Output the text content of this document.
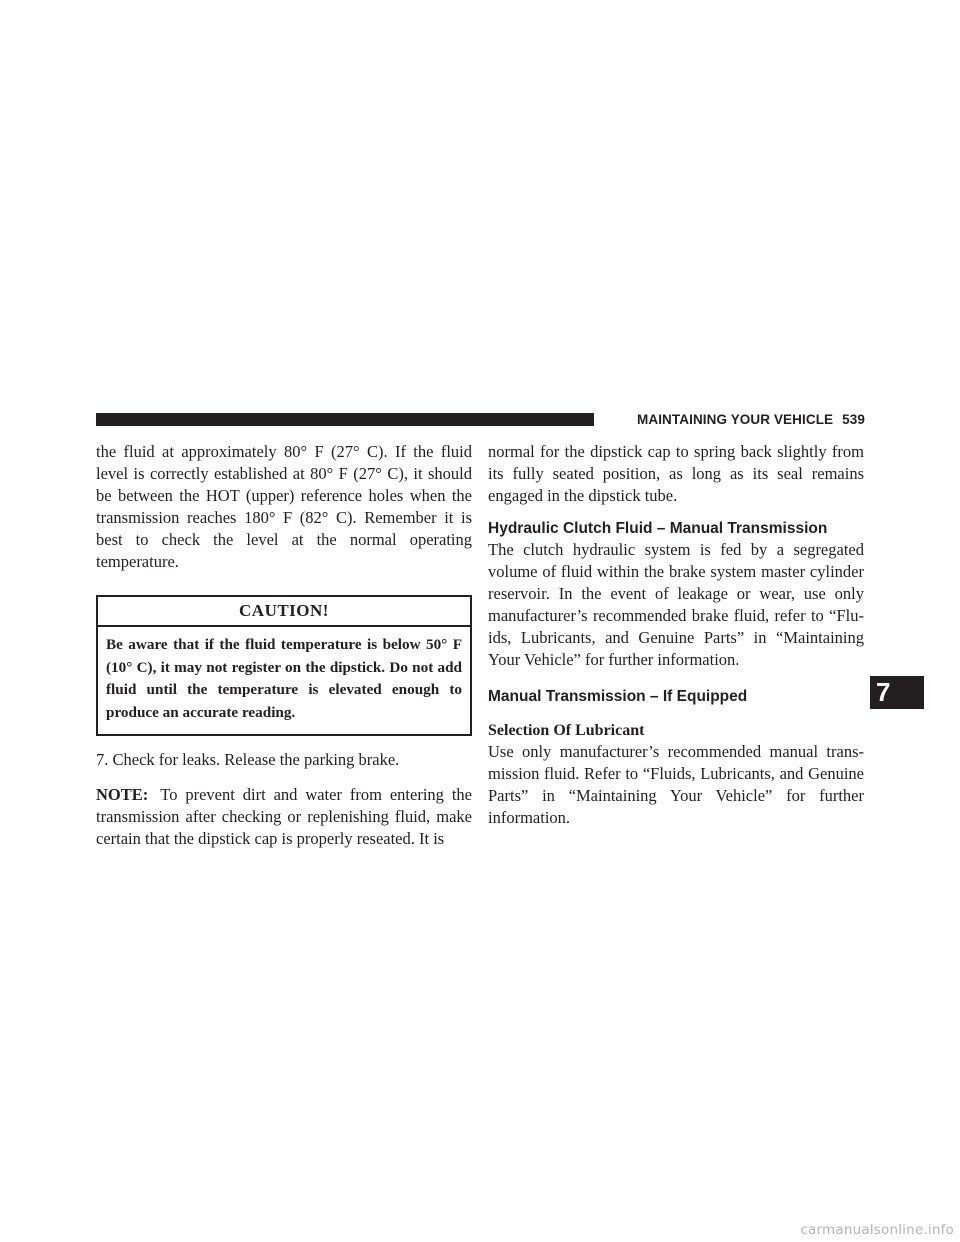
MAINTAINING YOUR VEHICLE 539

the fluid at approximately 80° F (27° C). If the fluid level is correctly established at 80° F (27° C), it should be between the HOT (upper) reference holes when the transmission reaches 180° F (82° C). Remember it is best to check the level at the normal operating temperature.

CAUTION!
Be aware that if the fluid temperature is below 50° F (10° C), it may not register on the dipstick. Do not add fluid until the temperature is elevated enough to produce an accurate reading.

7. Check for leaks. Release the parking brake.

NOTE: To prevent dirt and water from entering the transmission after checking or replenishing fluid, make certain that the dipstick cap is properly reseated. It is

normal for the dipstick cap to spring back slightly from its fully seated position, as long as its seal remains engaged in the dipstick tube.

Hydraulic Clutch Fluid – Manual Transmission

The clutch hydraulic system is fed by a segregated volume of fluid within the brake system master cylinder reservoir. In the event of leakage or wear, use only manufacturer’s recommended brake fluid, refer to “Flu-ids, Lubricants, and Genuine Parts” in “Maintaining Your Vehicle” for further information.

Manual Transmission – If Equipped
Selection Of Lubricant

Use only manufacturer’s recommended manual trans-mission fluid. Refer to “Fluids, Lubricants, and Genuine Parts” in “Maintaining Your Vehicle” for further information.

7
carmanualsonline.info
